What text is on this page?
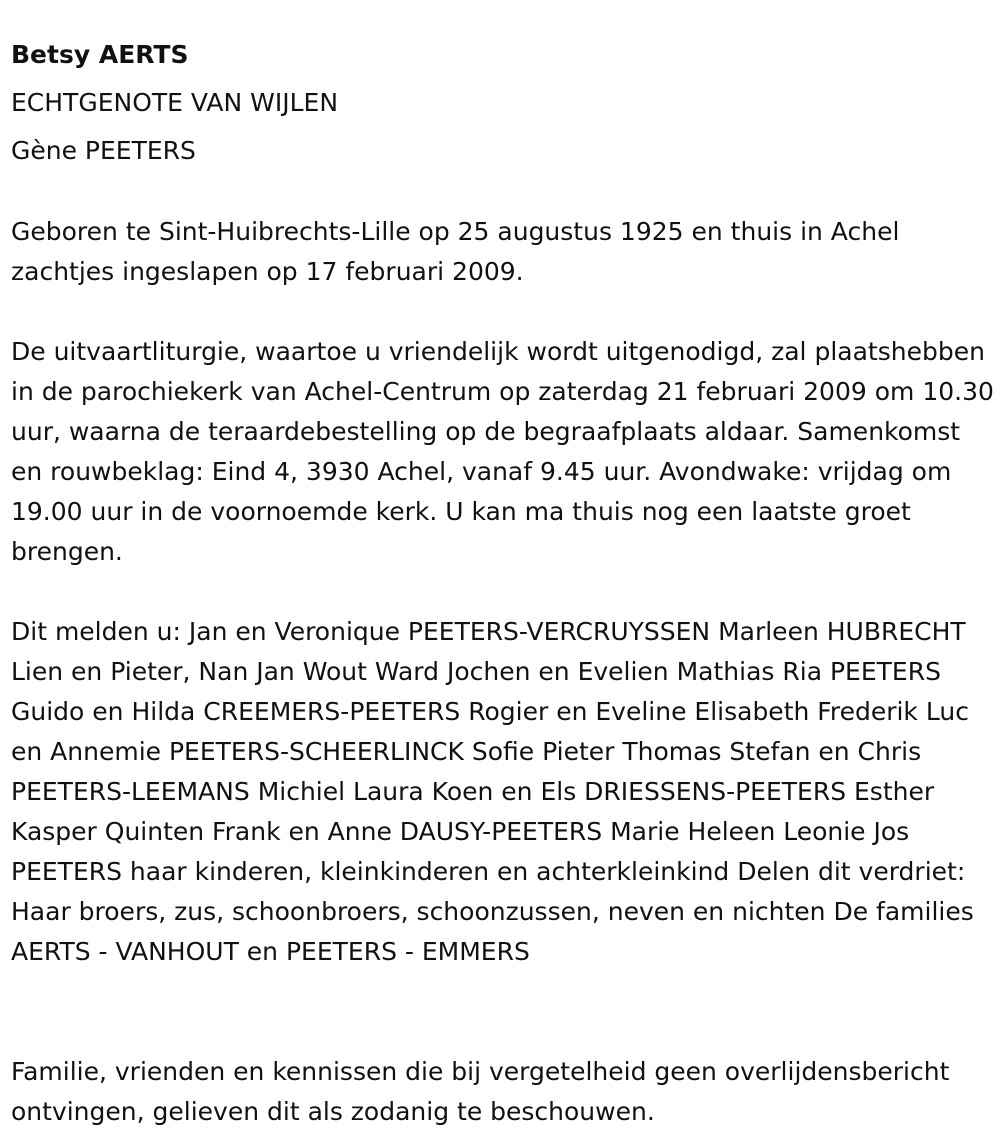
Betsy AERTS

ECHTGENOTE VAN WIJLEN

Gène PEETERS

Geboren te Sint-Huibrechts-Lille op 25 augustus 1925 en thuis in Achel zachtjes ingeslapen op 17 februari 2009.

De uitvaartliturgie, waartoe u vriendelijk wordt uitgenodigd, zal plaatshebben in de parochiekerk van Achel-Centrum op zaterdag 21 februari 2009 om 10.30 uur, waarna de teraardebestelling op de begraafplaats aldaar. Samenkomst en rouwbeklag: Eind 4, 3930 Achel, vanaf 9.45 uur. Avondwake: vrijdag om 19.00 uur in de voornoemde kerk. U kan ma thuis nog een laatste groet brengen.

Dit melden u: Jan en Veronique PEETERS-VERCRUYSSEN Marleen HUBRECHT Lien en Pieter, Nan Jan Wout Ward Jochen en Evelien Mathias Ria PEETERS Guido en Hilda CREEMERS-PEETERS Rogier en Eveline Elisabeth Frederik Luc en Annemie PEETERS-SCHEERLINCK Sofie Pieter Thomas Stefan en Chris PEETERS-LEEMANS Michiel Laura Koen en Els DRIESSENS-PEETERS Esther Kasper Quinten Frank en Anne DAUSY-PEETERS Marie Heleen Leonie Jos PEETERS haar kinderen, kleinkinderen en achterkleinkind Delen dit verdriet: Haar broers, zus, schoonbroers, schoonzussen, neven en nichten De families AERTS - VANHOUT en PEETERS - EMMERS

Familie, vrienden en kennissen die bij vergetelheid geen overlijdensbericht ontvingen, gelieven dit als zodanig te beschouwen.
